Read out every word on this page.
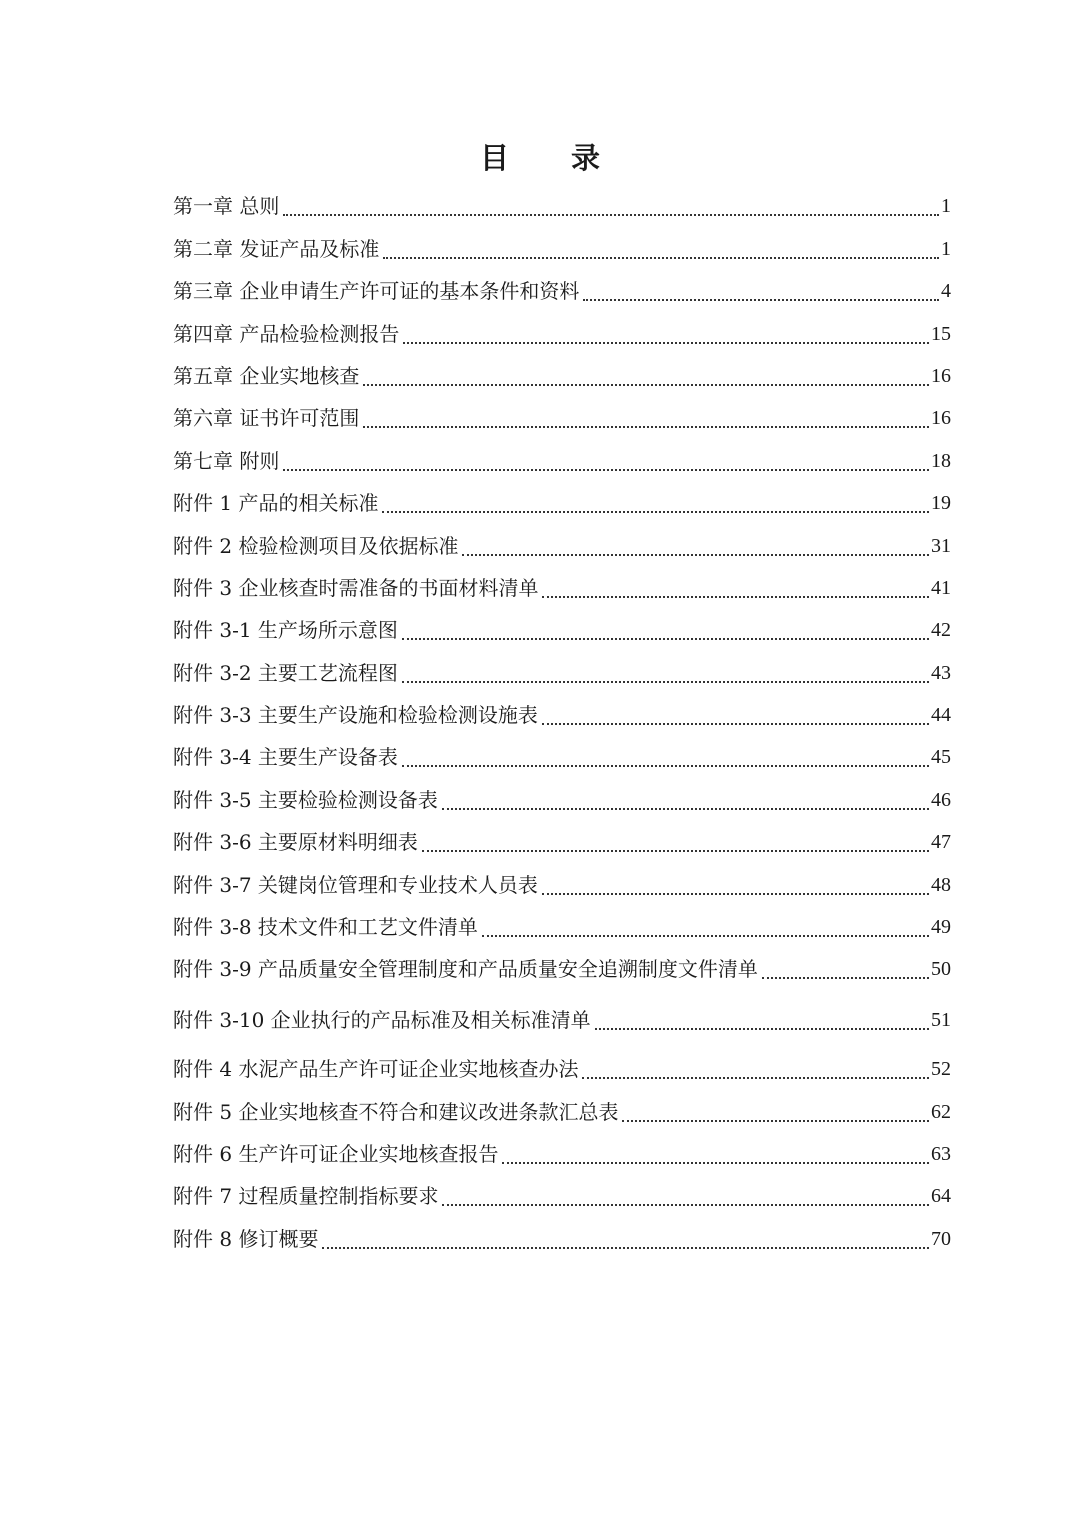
目 录
第一章 总则	1
第二章 发证产品及标准	1
第三章 企业申请生产许可证的基本条件和资料	4
第四章 产品检验检测报告	15
第五章 企业实地核查	16
第六章 证书许可范围	16
第七章 附则	18
附件 1 产品的相关标准	19
附件 2 检验检测项目及依据标准	31
附件 3 企业核查时需准备的书面材料清单	41
附件 3-1 生产场所示意图	42
附件 3-2 主要工艺流程图	43
附件 3-3 主要生产设施和检验检测设施表	44
附件 3-4 主要生产设备表	45
附件 3-5 主要检验检测设备表	46
附件 3-6 主要原材料明细表	47
附件 3-7 关键岗位管理和专业技术人员表	48
附件 3-8 技术文件和工艺文件清单	49
附件 3-9 产品质量安全管理制度和产品质量安全追溯制度文件清单	50
附件 3-10 企业执行的产品标准及相关标准清单	51
附件 4 水泥产品生产许可证企业实地核查办法	52
附件 5 企业实地核查不符合和建议改进条款汇总表	62
附件 6 生产许可证企业实地核查报告	63
附件 7 过程质量控制指标要求	64
附件 8 修订概要	70
